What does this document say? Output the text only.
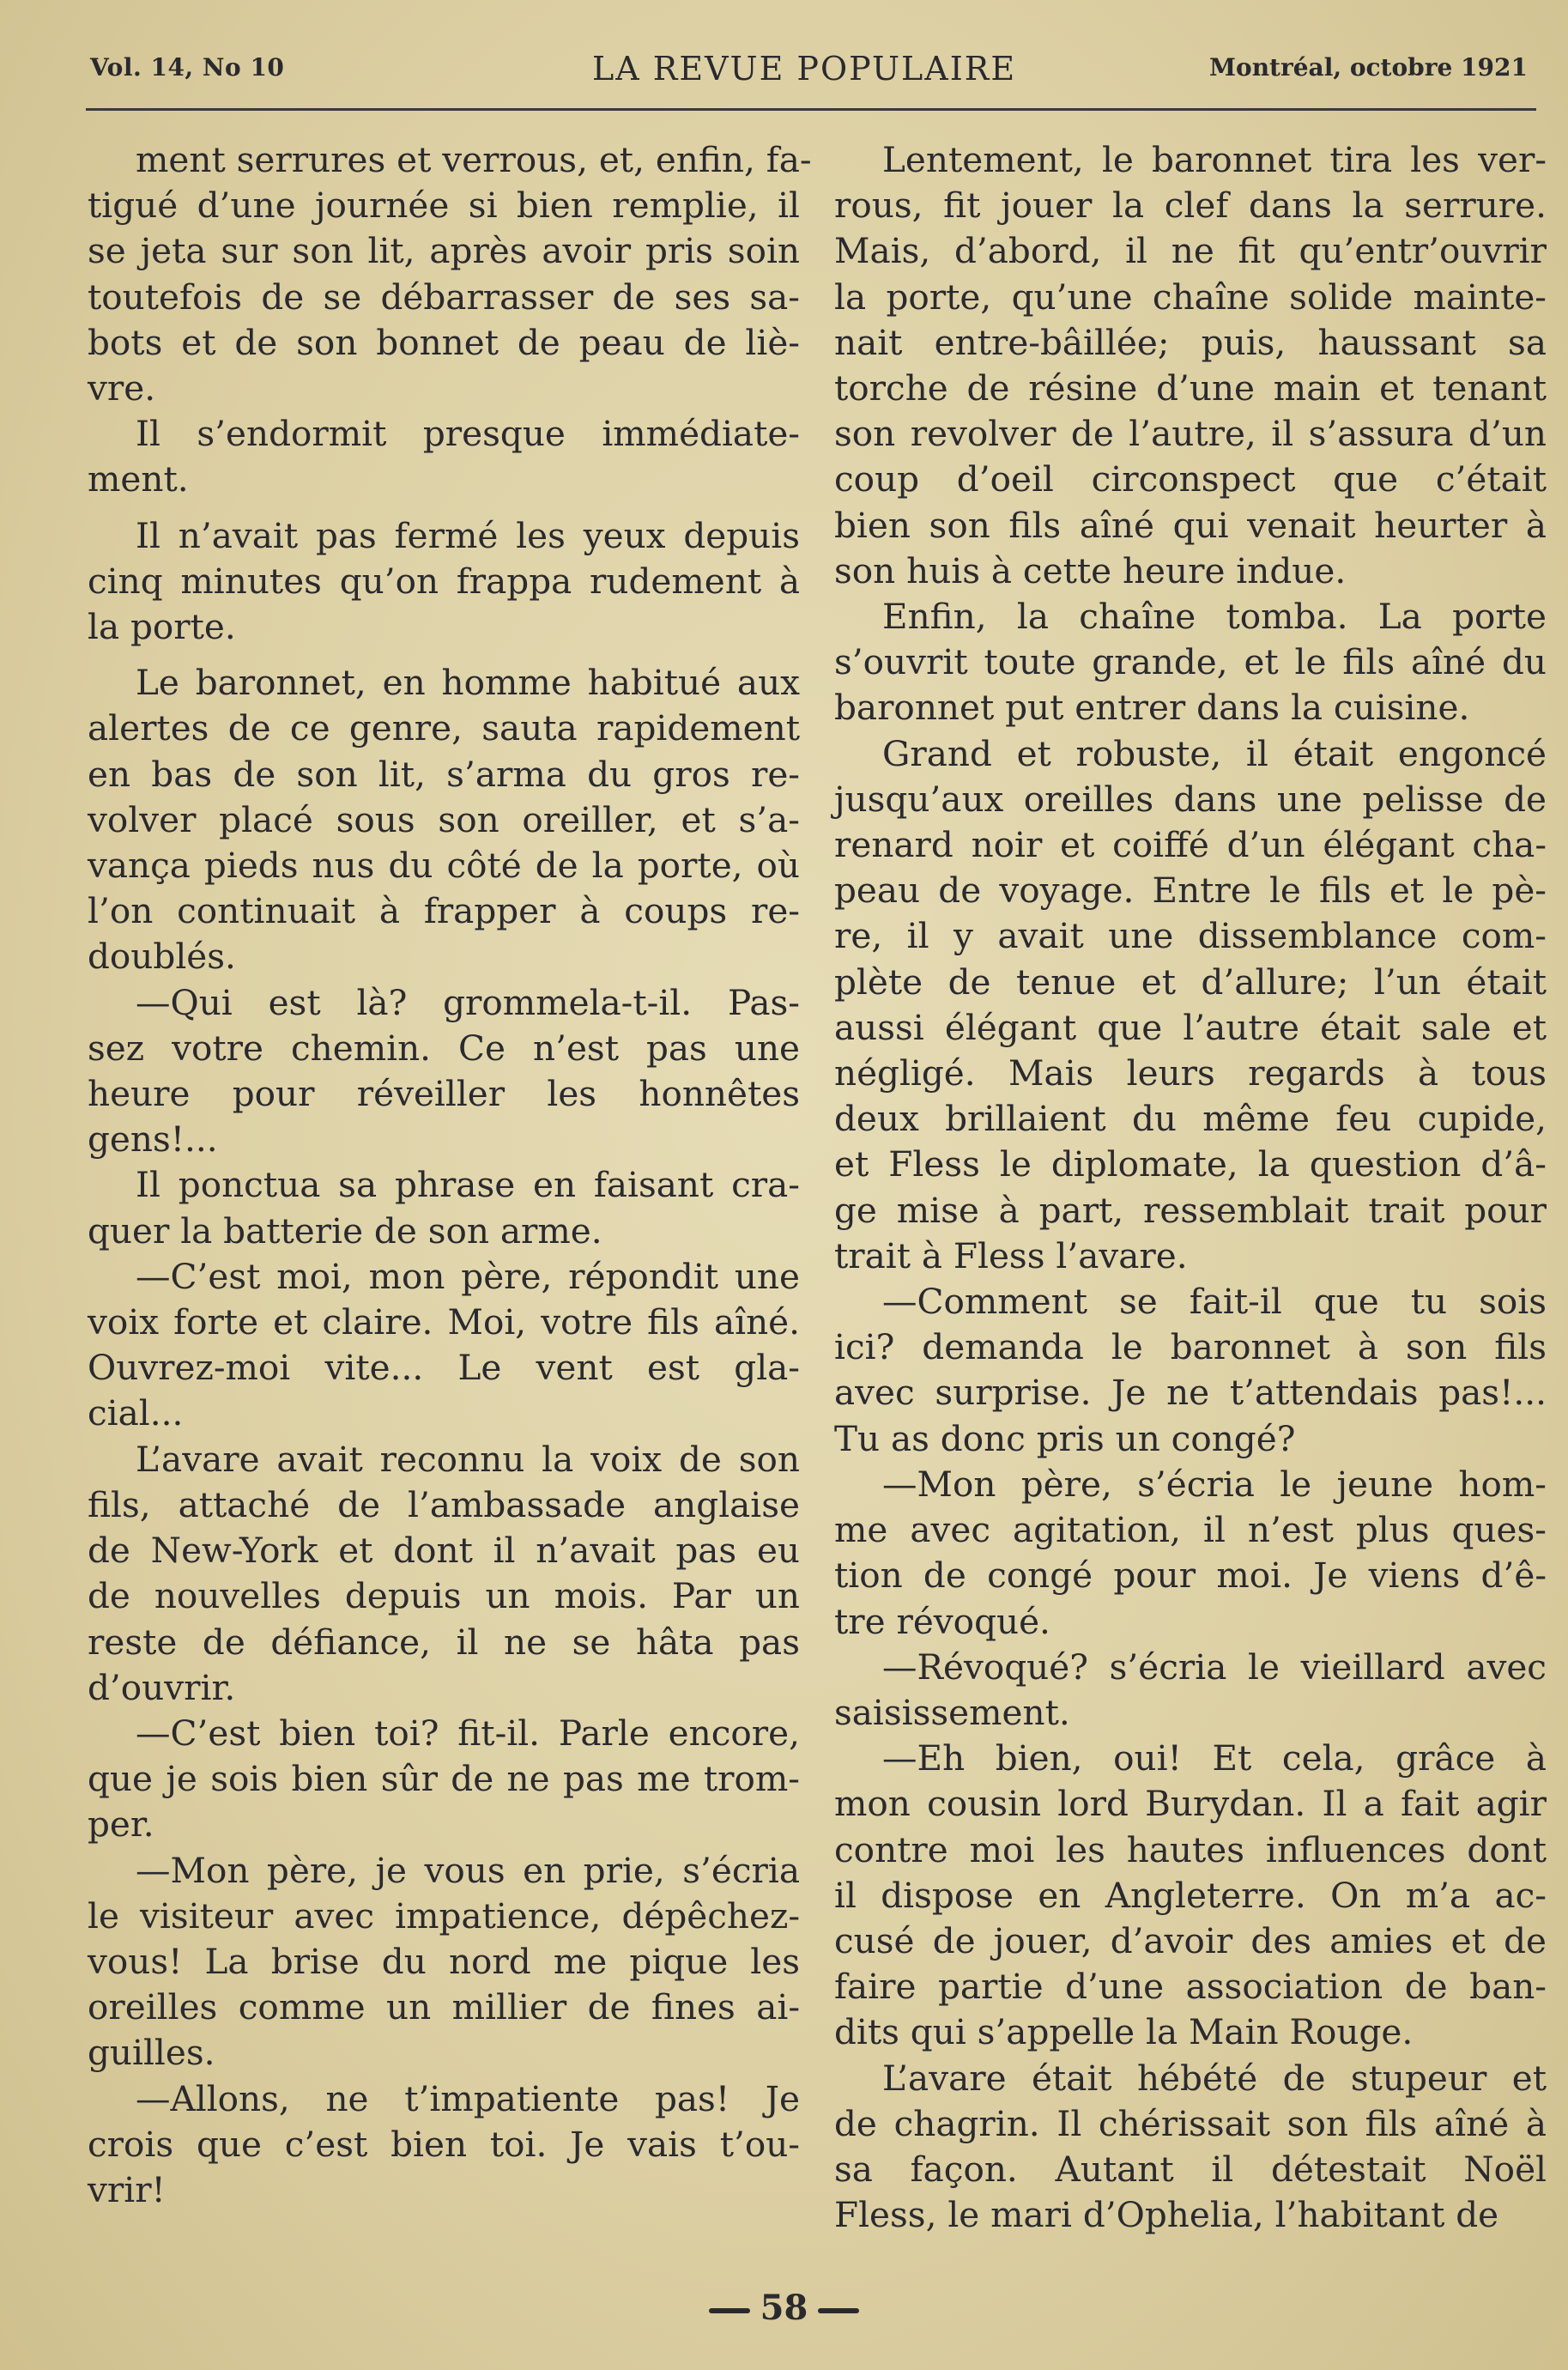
Vol. 14, No 10	LA REVUE POPULAIRE	Montréal, octobre 1921

ment serrures et verrous, et, enfin, fa-
tigué d’une journée si bien remplie, il
se jeta sur son lit, après avoir pris soin
toutefois de se débarrasser de ses sa-
bots et de son bonnet de peau de liè-
vre.

Il s’endormit presque immédiate-
ment.

Il n’avait pas fermé les yeux depuis
cinq minutes qu’on frappa rudement à
la porte.

Le baronnet, en homme habitué aux
alertes de ce genre, sauta rapidement
en bas de son lit, s’arma du gros re-
volver placé sous son oreiller, et s’a-
vança pieds nus du côté de la porte, où
l’on continuait à frapper à coups re-
doublés.

—Qui est là? grommela-t-il. Pas-
sez votre chemin. Ce n’est pas une
heure pour réveiller les honnêtes
gens!...

Il ponctua sa phrase en faisant cra-
quer la batterie de son arme.

—C’est moi, mon père, répondit une
voix forte et claire. Moi, votre fils aîné.
Ouvrez-moi vite... Le vent est gla-
cial...

L’avare avait reconnu la voix de son
fils, attaché de l’ambassade anglaise
de New-York et dont il n’avait pas eu
de nouvelles depuis un mois. Par un
reste de défiance, il ne se hâta pas
d’ouvrir.

—C’est bien toi? fit-il. Parle encore,
que je sois bien sûr de ne pas me trom-
per.

—Mon père, je vous en prie, s’écria
le visiteur avec impatience, dépêchez-
vous! La brise du nord me pique les
oreilles comme un millier de fines ai-
guilles.

—Allons, ne t’impatiente pas! Je
crois que c’est bien toi. Je vais t’ou-
vrir!

Lentement, le baronnet tira les ver-
rous, fit jouer la clef dans la serrure.
Mais, d’abord, il ne fit qu’entr’ouvrir
la porte, qu’une chaîne solide mainte-
nait entre-bâillée; puis, haussant sa
torche de résine d’une main et tenant
son revolver de l’autre, il s’assura d’un
coup d’oeil circonspect que c’était
bien son fils aîné qui venait heurter à
son huis à cette heure indue.

Enfin, la chaîne tomba. La porte
s’ouvrit toute grande, et le fils aîné du
baronnet put entrer dans la cuisine.

Grand et robuste, il était engoncé
jusqu’aux oreilles dans une pelisse de
renard noir et coiffé d’un élégant cha-
peau de voyage. Entre le fils et le pè-
re, il y avait une dissemblance com-
plète de tenue et d’allure; l’un était
aussi élégant que l’autre était sale et
négligé. Mais leurs regards à tous
deux brillaient du même feu cupide,
et Fless le diplomate, la question d’â-
ge mise à part, ressemblait trait pour
trait à Fless l’avare.

—Comment se fait-il que tu sois
ici? demanda le baronnet à son fils
avec surprise. Je ne t’attendais pas!...
Tu as donc pris un congé?

—Mon père, s’écria le jeune hom-
me avec agitation, il n’est plus ques-
tion de congé pour moi. Je viens d’ê-
tre révoqué.

—Révoqué? s’écria le vieillard avec
saisissement.

—Eh bien, oui! Et cela, grâce à
mon cousin lord Burydan. Il a fait agir
contre moi les hautes influences dont
il dispose en Angleterre. On m’a ac-
cusé de jouer, d’avoir des amies et de
faire partie d’une association de ban-
dits qui s’appelle la Main Rouge.

L’avare était hébété de stupeur et
de chagrin. Il chérissait son fils aîné à
sa façon. Autant il détestait Noël
Fless, le mari d’Ophelia, l’habitant de

58
